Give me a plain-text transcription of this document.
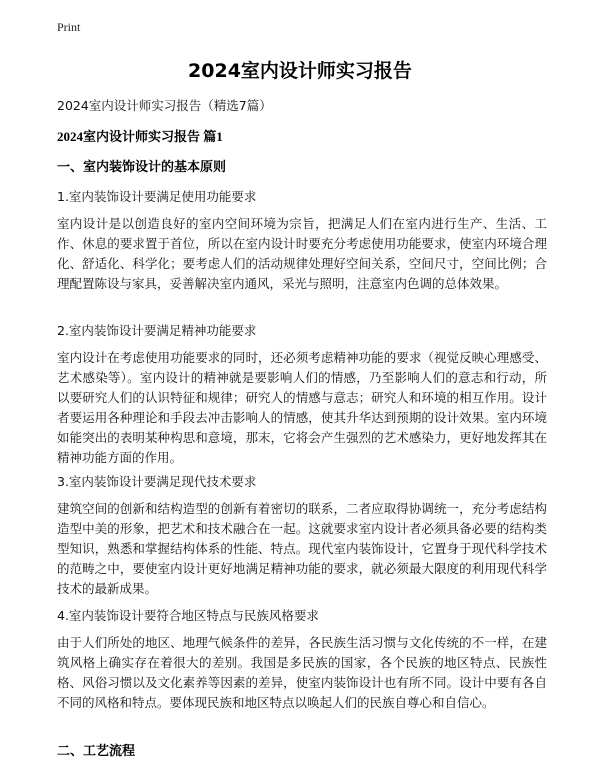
Print
2024室内设计师实习报告
2024室内设计师实习报告（精选7篇）
2024室内设计师实习报告 篇1
一、室内装饰设计的基本原则
1.室内装饰设计要满足使用功能要求
室内设计是以创造良好的室内空间环境为宗旨，把满足人们在室内进行生产、生活、工作、休息的要求置于首位，所以在室内设计时要充分考虑使用功能要求，使室内环境合理化、舒适化、科学化；要考虑人们的活动规律处理好空间关系，空间尺寸，空间比例；合理配置陈设与家具，妥善解决室内通风，采光与照明，注意室内色调的总体效果。
2.室内装饰设计要满足精神功能要求
室内设计在考虑使用功能要求的同时，还必须考虑精神功能的要求（视觉反映心理感受、艺术感染等）。室内设计的精神就是要影响人们的情感，乃至影响人们的意志和行动，所以要研究人们的认识特征和规律；研究人的情感与意志；研究人和环境的相互作用。设计者要运用各种理论和手段去冲击影响人的情感，使其升华达到预期的设计效果。室内环境如能突出的表明某种构思和意境，那末，它将会产生强烈的艺术感染力，更好地发挥其在精神功能方面的作用。
3.室内装饰设计要满足现代技术要求
建筑空间的创新和结构造型的创新有着密切的联系，二者应取得协调统一，充分考虑结构造型中美的形象，把艺术和技术融合在一起。这就要求室内设计者必须具备必要的结构类型知识，熟悉和掌握结构体系的性能、特点。现代室内装饰设计，它置身于现代科学技术的范畴之中，要使室内设计更好地满足精神功能的要求，就必须最大限度的利用现代科学技术的最新成果。
4.室内装饰设计要符合地区特点与民族风格要求
由于人们所处的地区、地理气候条件的差异，各民族生活习惯与文化传统的不一样，在建筑风格上确实存在着很大的差别。我国是多民族的国家，各个民族的地区特点、民族性格、风俗习惯以及文化素养等因素的差异，使室内装饰设计也有所不同。设计中要有各自不同的风格和特点。要体现民族和地区特点以唤起人们的民族自尊心和自信心。
二、工艺流程
